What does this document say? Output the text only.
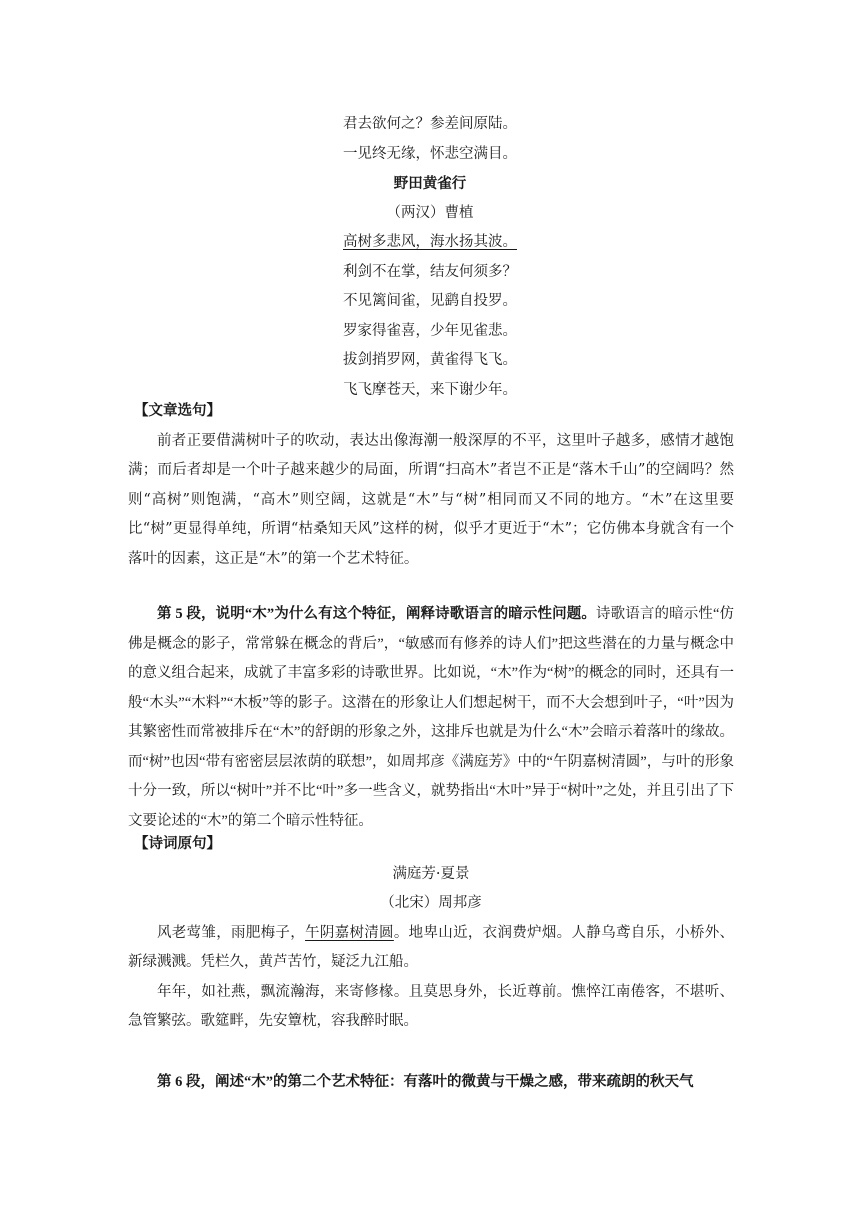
君去欲何之？参差间原陆。
一见终无缘，怀悲空满目。
野田黄雀行
（两汉）曹植
高树多悲风，海水扬其波。
利剑不在掌，结友何须多？
不见篱间雀，见鹞自投罗。
罗家得雀喜，少年见雀悲。
拔剑捎罗网，黄雀得飞飞。
飞飞摩苍天，来下谢少年。
【文章选句】

前者正要借满树叶子的吹动，表达出像海潮一般深厚的不平，这里叶子越多，感情才越饱满；而后者却是一个叶子越来越少的局面，所谓“扫高木”者岂不正是“落木千山”的空阔吗？然则“高树”则饱满，“高木”则空阔，这就是“木”与“树”相同而又不同的地方。“木”在这里要比“树”更显得单纯，所谓“枯桑知天风”这样的树，似乎才更近于“木”；它仿佛本身就含有一个落叶的因素，这正是“木”的第一个艺术特征。

第 5 段，说明“木”为什么有这个特征，阐释诗歌语言的暗示性问题。诗歌语言的暗示性“仿佛是概念的影子，常常躲在概念的背后”，“敏感而有修养的诗人们”把这些潜在的力量与概念中的意义组合起来，成就了丰富多彩的诗歌世界。比如说，“木”作为“树”的概念的同时，还具有一般“木头”“木料”“木板”等的影子。这潜在的形象让人们想起树干，而不大会想到叶子，“叶”因为其繁密性而常被排斥在“木”的舒朗的形象之外，这排斥也就是为什么“木”会暗示着落叶的缘故。而“树”也因“带有密密层层浓荫的联想”，如周邦彦《满庭芳》中的“午阴嘉树清圆”，与叶的形象十分一致，所以“树叶”并不比“叶”多一些含义，就势指出“木叶”异于“树叶”之处，并且引出了下文要论述的“木”的第二个暗示性特征。

【诗词原句】
满庭芳·夏景
（北宋）周邦彦

风老莺雏，雨肥梅子，午阴嘉树清圆。地卑山近，衣润费炉烟。人静乌鸢自乐，小桥外、新绿溅溅。凭栏久，黄芦苦竹，疑泛九江船。

年年，如社燕，飘流瀚海，来寄修椽。且莫思身外，长近尊前。憔悴江南倦客，不堪听、急管繁弦。歌筵畔，先安簟枕，容我醉时眠。

第 6 段，阐述“木”的第二个艺术特征：有落叶的微黄与干燥之感，带来疏朗的秋天气
